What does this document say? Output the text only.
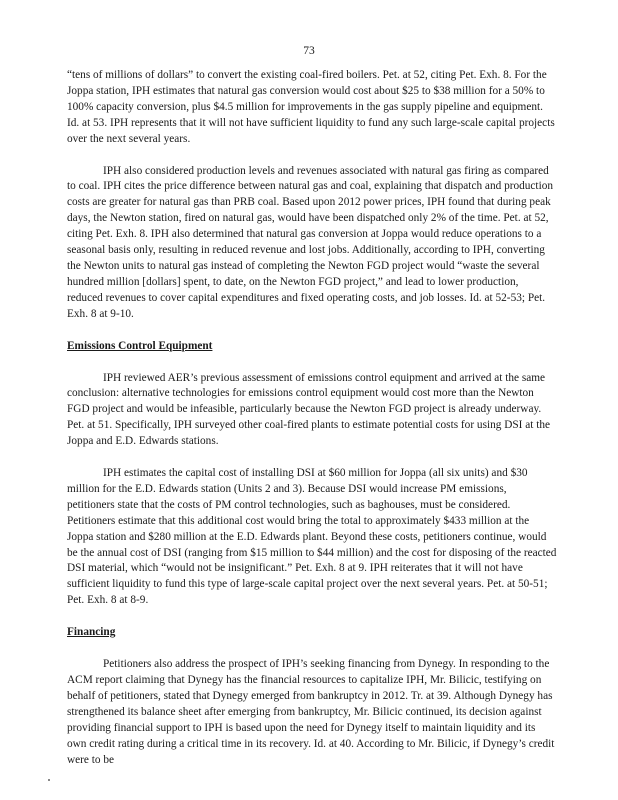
73

“tens of millions of dollars” to convert the existing coal-fired boilers. Pet. at 52, citing Pet. Exh. 8. For the Joppa station, IPH estimates that natural gas conversion would cost about $25 to $38 million for a 50% to 100% capacity conversion, plus $4.5 million for improvements in the gas supply pipeline and equipment. Id. at 53. IPH represents that it will not have sufficient liquidity to fund any such large-scale capital projects over the next several years.

IPH also considered production levels and revenues associated with natural gas firing as compared to coal. IPH cites the price difference between natural gas and coal, explaining that dispatch and production costs are greater for natural gas than PRB coal. Based upon 2012 power prices, IPH found that during peak days, the Newton station, fired on natural gas, would have been dispatched only 2% of the time. Pet. at 52, citing Pet. Exh. 8. IPH also determined that natural gas conversion at Joppa would reduce operations to a seasonal basis only, resulting in reduced revenue and lost jobs. Additionally, according to IPH, converting the Newton units to natural gas instead of completing the Newton FGD project would “waste the several hundred million [dollars] spent, to date, on the Newton FGD project,” and lead to lower production, reduced revenues to cover capital expenditures and fixed operating costs, and job losses. Id. at 52-53; Pet. Exh. 8 at 9-10.

Emissions Control Equipment

IPH reviewed AER’s previous assessment of emissions control equipment and arrived at the same conclusion: alternative technologies for emissions control equipment would cost more than the Newton FGD project and would be infeasible, particularly because the Newton FGD project is already underway. Pet. at 51. Specifically, IPH surveyed other coal-fired plants to estimate potential costs for using DSI at the Joppa and E.D. Edwards stations.

IPH estimates the capital cost of installing DSI at $60 million for Joppa (all six units) and $30 million for the E.D. Edwards station (Units 2 and 3). Because DSI would increase PM emissions, petitioners state that the costs of PM control technologies, such as baghouses, must be considered. Petitioners estimate that this additional cost would bring the total to approximately $433 million at the Joppa station and $280 million at the E.D. Edwards plant. Beyond these costs, petitioners continue, would be the annual cost of DSI (ranging from $15 million to $44 million) and the cost for disposing of the reacted DSI material, which “would not be insignificant.” Pet. Exh. 8 at 9. IPH reiterates that it will not have sufficient liquidity to fund this type of large-scale capital project over the next several years. Pet. at 50-51; Pet. Exh. 8 at 8-9.

Financing

Petitioners also address the prospect of IPH’s seeking financing from Dynegy. In responding to the ACM report claiming that Dynegy has the financial resources to capitalize IPH, Mr. Bilicic, testifying on behalf of petitioners, stated that Dynegy emerged from bankruptcy in 2012. Tr. at 39. Although Dynegy has strengthened its balance sheet after emerging from bankruptcy, Mr. Bilicic continued, its decision against providing financial support to IPH is based upon the need for Dynegy itself to maintain liquidity and its own credit rating during a critical time in its recovery. Id. at 40. According to Mr. Bilicic, if Dynegy’s credit were to be
